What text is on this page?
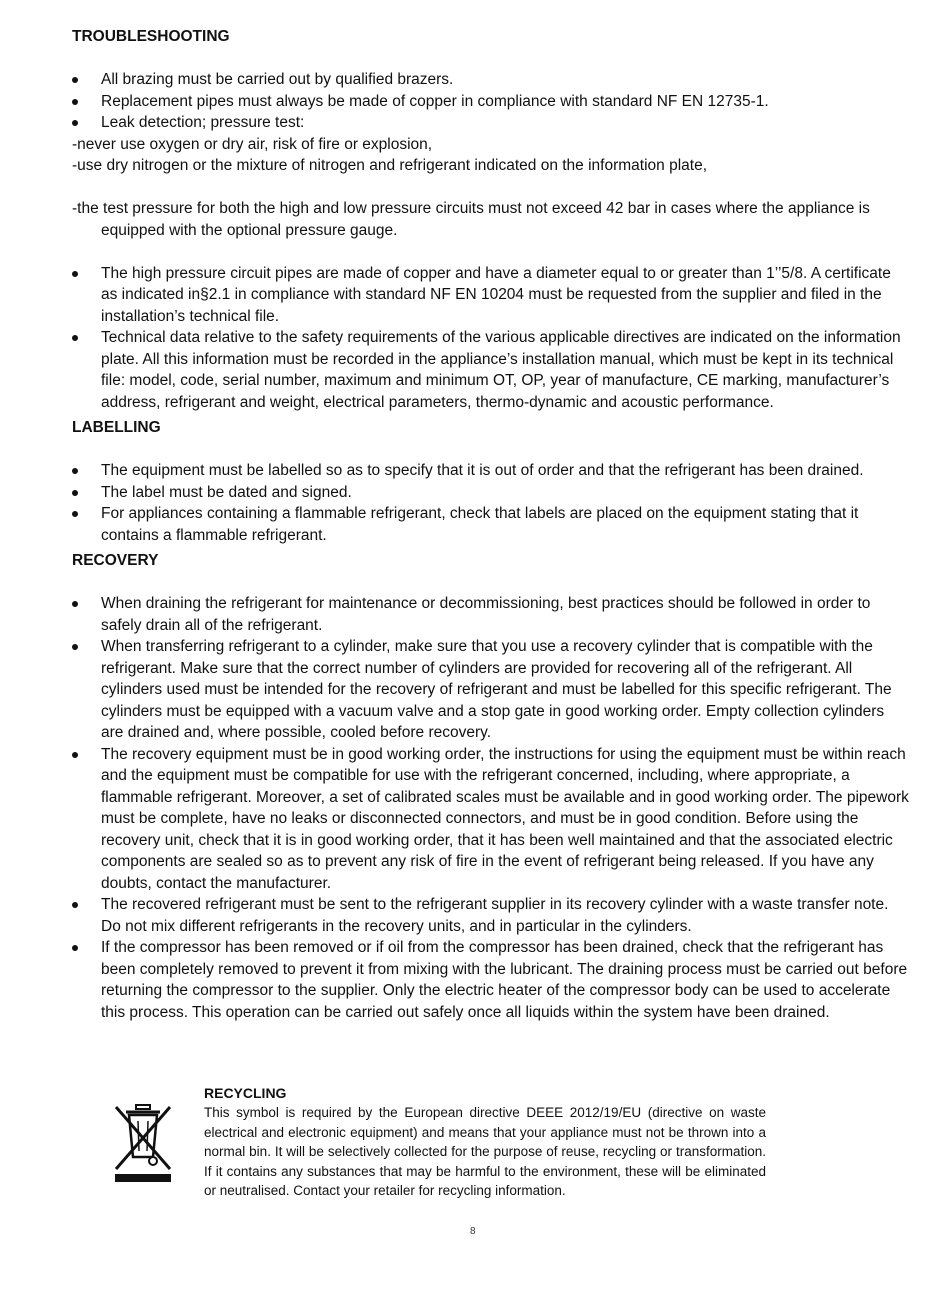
TROUBLESHOOTING

All brazing must be carried out by qualified brazers.
Replacement pipes must always be made of copper in compliance with standard NF EN 12735-1.
Leak detection; pressure test:

-never use oxygen or dry air, risk of fire or explosion,

-use dry nitrogen or the mixture of nitrogen and refrigerant indicated on the information plate,

-the test pressure for both the high and low pressure circuits must not exceed 42 bar in cases where the appliance is equipped with the optional pressure gauge.

The high pressure circuit pipes are made of copper and have a diameter equal to or greater than 1’’5/8. A certificate as indicated in§2.1 in compliance with standard NF EN 10204 must be requested from the supplier and filed in the installation’s technical file.
Technical data relative to the safety requirements of the various applicable directives are indicated on the information plate. All this information must be recorded in the appliance’s installation manual, which must be kept in its technical file: model, code, serial number, maximum and minimum OT, OP, year of manufacture, CE marking, manufacturer’s address, refrigerant and weight, electrical parameters, thermo-dynamic and acoustic performance.

LABELLING

The equipment must be labelled so as to specify that it is out of order and that the refrigerant has been drained.
The label must be dated and signed.
For appliances containing a flammable refrigerant, check that labels are placed on the equipment stating that it contains a flammable refrigerant.

RECOVERY

When draining the refrigerant for maintenance or decommissioning, best practices should be followed in order to safely drain all of the refrigerant.
When transferring refrigerant to a cylinder, make sure that you use a recovery cylinder that is compatible with the refrigerant. Make sure that the correct number of cylinders are provided for recovering all of the refrigerant. All cylinders used must be intended for the recovery of refrigerant and must be labelled for this specific refrigerant. The cylinders must be equipped with a vacuum valve and a stop gate in good working order. Empty collection cylinders are drained and, where possible, cooled before recovery.
The recovery equipment must be in good working order, the instructions for using the equipment must be within reach and the equipment must be compatible for use with the refrigerant concerned, including, where appropriate, a flammable refrigerant. Moreover, a set of calibrated scales must be available and in good working order. The pipework must be complete, have no leaks or disconnected connectors, and must be in good condition. Before using the recovery unit, check that it is in good working order, that it has been well maintained and that the associated electric components are sealed so as to prevent any risk of fire in the event of refrigerant being released. If you have any doubts, contact the manufacturer.
The recovered refrigerant must be sent to the refrigerant supplier in its recovery cylinder with a waste transfer note. Do not mix different refrigerants in the recovery units, and in particular in the cylinders.
If the compressor has been removed or if oil from the compressor has been drained, check that the refrigerant has been completely removed to prevent it from mixing with the lubricant. The draining process must be carried out before returning the compressor to the supplier. Only the electric heater of the compressor body can be used to accelerate this process. This operation can be carried out safely once all liquids within the system have been drained.

RECYCLING

This symbol is required by the European directive DEEE 2012/19/EU (directive on waste electrical and electronic equipment) and means that your appliance must not be thrown into a normal bin. It will be selectively collected for the purpose of reuse, recycling or transformation. If it contains any substances that may be harmful to the environment, these will be eliminated or neutralised. Contact your retailer for recycling information.

8
